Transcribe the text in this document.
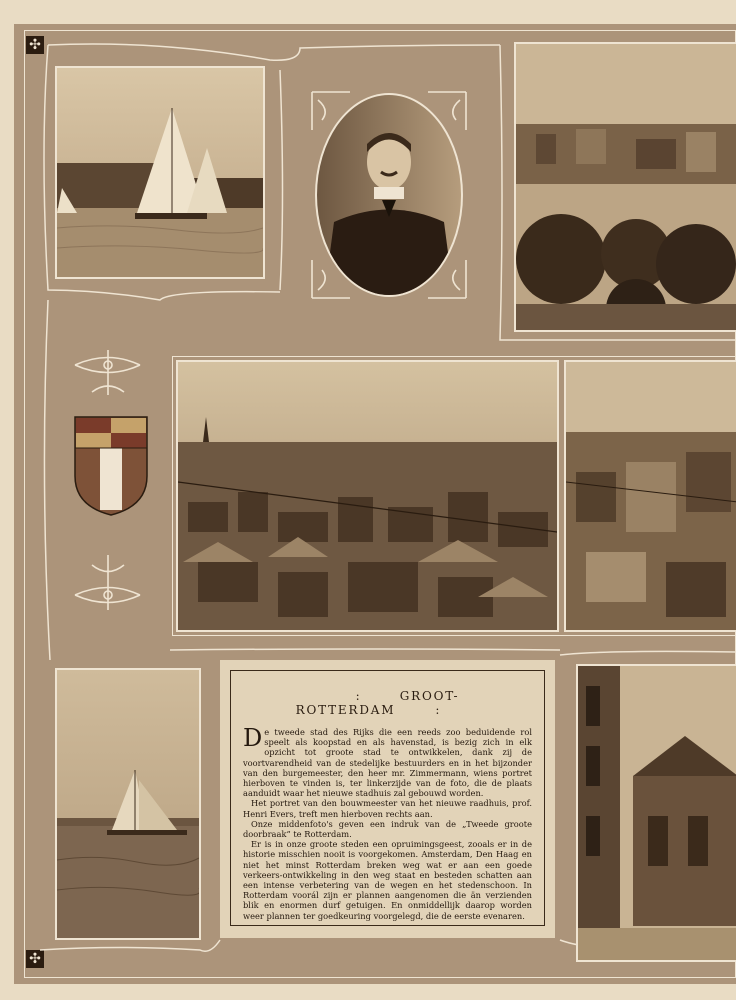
✣
✣
:	GROOT-ROTTERDAM	:

De tweede stad des Rijks die een reeds zoo beduidende rol speelt als koopstad en als havenstad, is bezig zich in elk opzicht tot groote stad te ontwikkelen, dank zij de voortvarendheid van de stedelijke bestuurders en in het bijzonder van den burgemeester, den heer mr. Zimmermann, wiens portret hierboven te vinden is, ter linkerzijde van de foto, die de plaats aanduidt waar het nieuwe stadhuis zal gebouwd worden.

Het portret van den bouwmeester van het nieuwe raadhuis, prof. Henri Evers, treft men hierboven rechts aan.

Onze middenfoto's geven een indruk van de „Tweede groote doorbraak” te Rotterdam.

Er is in onze groote steden een opruimingsgeest, zooals er in de historie misschien nooit is voorgekomen. Amsterdam, Den Haag en niet het minst Rotterdam breken weg wat er aan een goede verkeers-ontwikkeling in den weg staat en besteden schatten aan een intense verbetering van de wegen en het stedenschoon. In Rotterdam voorál zijn er plannen aangenomen die än verzienden blik en enormen durf getuigen. En onmiddellijk daarop worden weer plannen ter goedkeuring voorgelegd, die de eerste evenaren.
